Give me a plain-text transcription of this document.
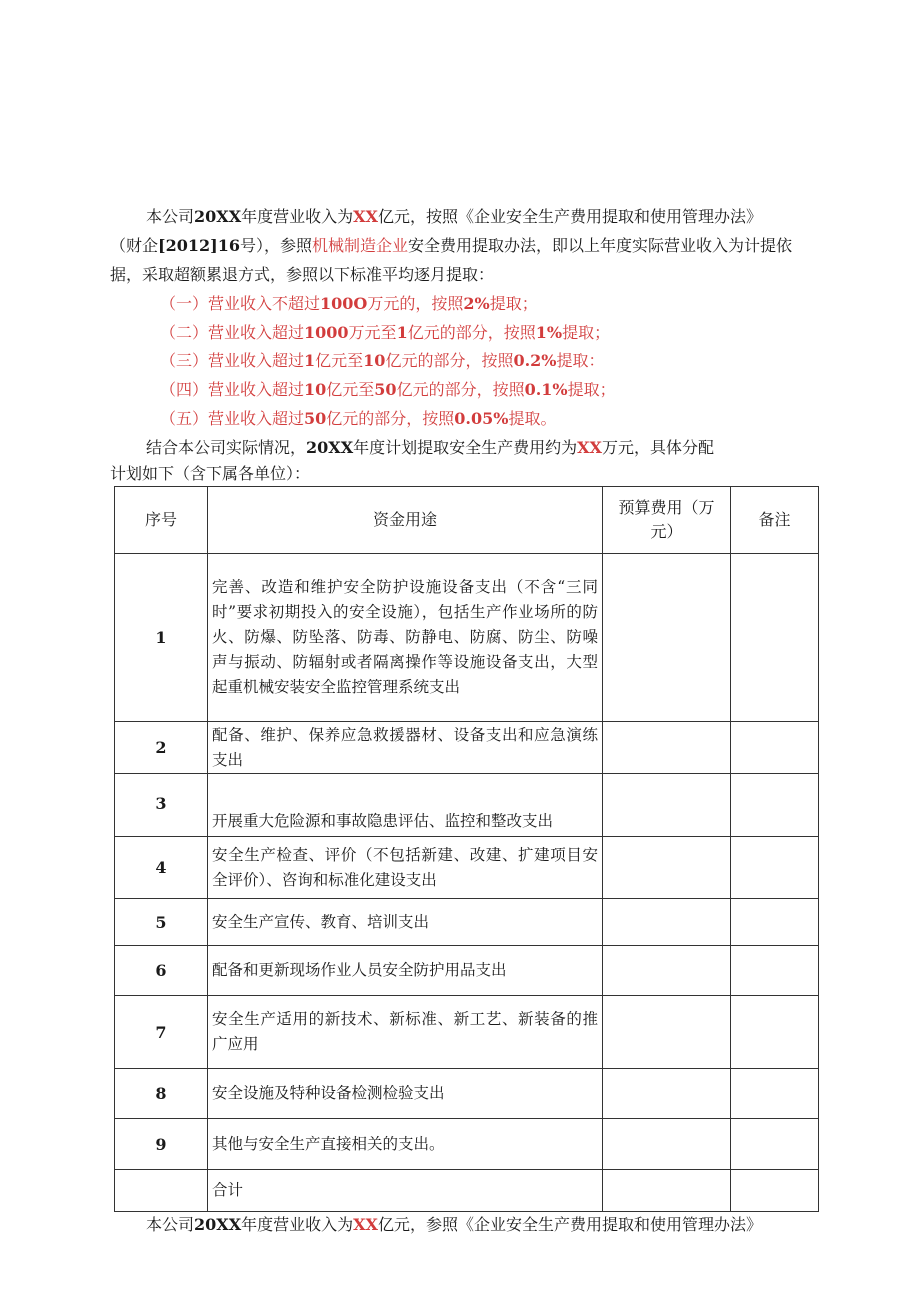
本公司20XX年度营业收入为XX亿元，按照《企业安全生产费用提取和使用管理办法》
（财企[2012]16号），参照机械制造企业安全费用提取办法，即以上年度实际营业收入为计提依
据，采取超额累退方式，参照以下标准平均逐月提取：
（一）营业收入不超过100O万元的，按照2%提取；
（二）营业收入超过1000万元至1亿元的部分，按照1%提取；
（三）营业收入超过1亿元至10亿元的部分，按照0.2%提取：
（四）营业收入超过10亿元至50亿元的部分，按照0.1%提取；
（五）营业收入超过50亿元的部分，按照0.05%提取。
结合本公司实际情况，20XX年度计划提取安全生产费用约为XX万元，具体分配
计划如下（含下属各单位）：
序号	资金用途	预算费用（万元）	备注
1	完善、改造和维护安全防护设施设备支出（不含“三同时”要求初期投入的安全设施），包括生产作业场所的防火、防爆、防坠落、防毒、防静电、防腐、防尘、防噪声与振动、防辐射或者隔离操作等设施设备支出，大型起重机械安装安全监控管理系统支出		
2	配备、维护、保养应急救援器材、设备支出和应急演练支出		
3	开展重大危险源和事故隐患评估、监控和整改支出		
4	安全生产检查、评价（不包括新建、改建、扩建项目安全评价）、咨询和标准化建设支出		
5	安全生产宣传、教育、培训支出		
6	配备和更新现场作业人员安全防护用品支出		
7	安全生产适用的新技术、新标准、新工艺、新装备的推广应用		
8	安全设施及特种设备检测检验支出		
9	其他与安全生产直接相关的支出。		
	合计		
本公司20XX年度营业收入为XX亿元，参照《企业安全生产费用提取和使用管理办法》
